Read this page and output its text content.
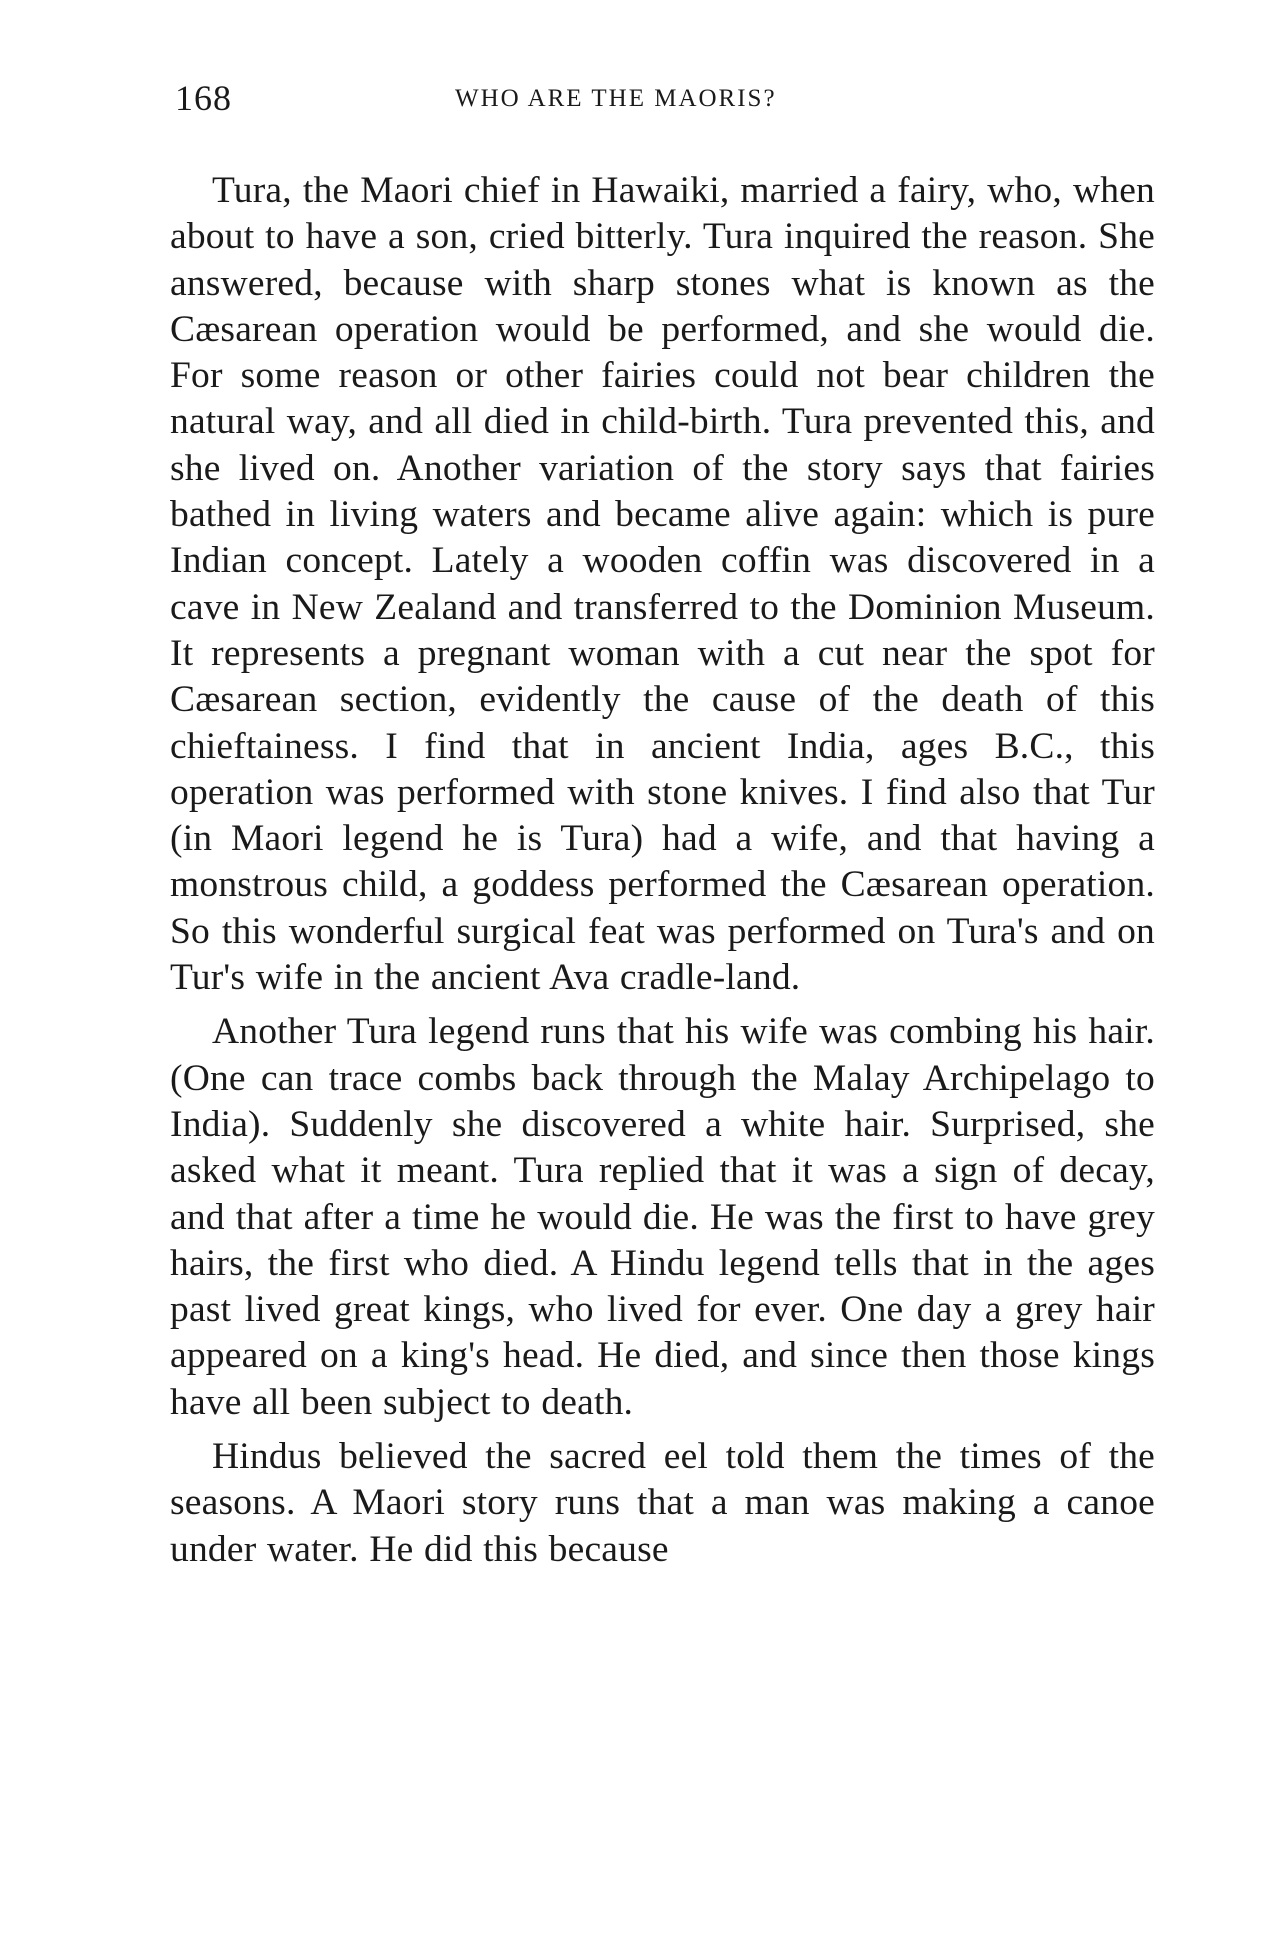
168	WHO ARE THE MAORIS?

Tura, the Maori chief in Hawaiki, married a fairy, who, when about to have a son, cried bitterly. Tura inquired the reason. She answered, because with sharp stones what is known as the Cæsarean operation would be performed, and she would die. For some reason or other fairies could not bear children the natural way, and all died in child-birth. Tura prevented this, and she lived on. Another variation of the story says that fairies bathed in living waters and became alive again: which is pure Indian concept. Lately a wooden coffin was discovered in a cave in New Zealand and transferred to the Dominion Museum. It represents a pregnant woman with a cut near the spot for Cæsarean section, evidently the cause of the death of this chieftainess. I find that in ancient India, ages B.C., this operation was performed with stone knives. I find also that Tur (in Maori legend he is Tura) had a wife, and that having a monstrous child, a goddess performed the Cæsarean operation. So this wonderful surgical feat was performed on Tura's and on Tur's wife in the ancient Ava cradle-land.

Another Tura legend runs that his wife was combing his hair. (One can trace combs back through the Malay Archipelago to India). Suddenly she discovered a white hair. Surprised, she asked what it meant. Tura replied that it was a sign of decay, and that after a time he would die. He was the first to have grey hairs, the first who died. A Hindu legend tells that in the ages past lived great kings, who lived for ever. One day a grey hair appeared on a king's head. He died, and since then those kings have all been subject to death.

Hindus believed the sacred eel told them the times of the seasons. A Maori story runs that a man was making a canoe under water. He did this because
